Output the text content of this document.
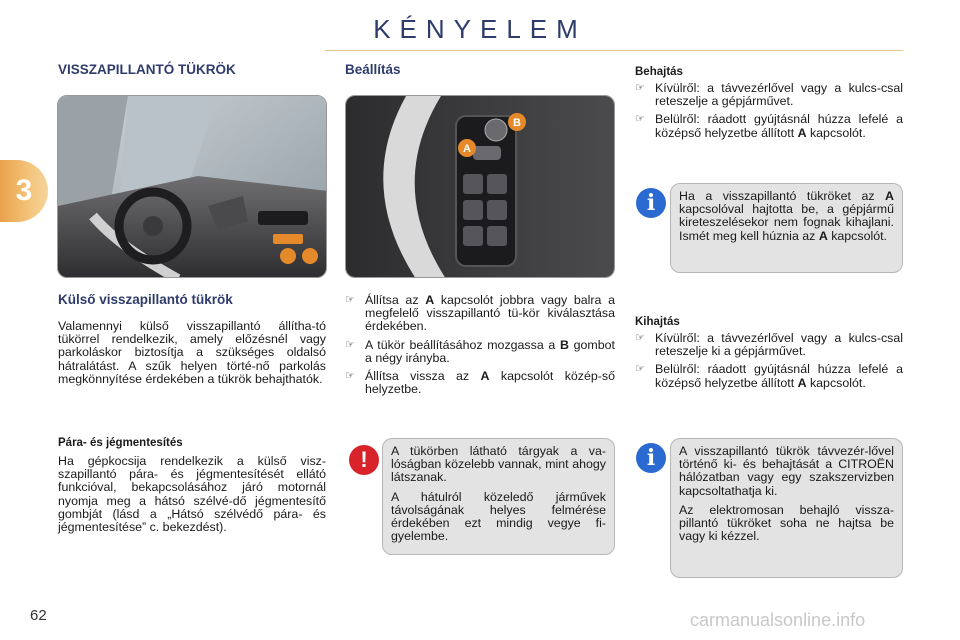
KÉNYELEM
3
VISSZAPILLANTÓ TÜKRÖK
Külső visszapillantó tükrök
Valamennyi külső visszapillantó állítha-tó tükörrel rendelkezik, amely előzésnél vagy parkoláskor biztosítja a szükséges oldalsó hátralátást. A szűk helyen törté-nő parkolás megkönnyítése érdekében a tükrök behajthatók.
Pára- és jégmentesítés
Ha gépkocsija rendelkezik a külső visz-szapillantó pára- és jégmentesítését ellátó funkcióval, bekapcsolásához járó motornál nyomja meg a hátsó szélvé-dő jégmentesítő gombját (lásd a „Hátsó szélvédő pára- és jégmentesítése” c. bekezdést).
Beállítás
B
A
☞ Állítsa az A kapcsolót jobbra vagy balra a megfelelő visszapillantó tü-kör kiválasztása érdekében.
☞ A tükör beállításához mozgassa a B gombot a négy irányba.
☞ Állítsa vissza az A kapcsolót közép-ső helyzetbe.
!	A tükörben látható tárgyak a va-lóságban közelebb vannak, mint ahogy látszanak.

A hátulról közeledő járművek távolságának helyes felmérése érdekében ezt mindig vegye fi-gyelembe.

Behajtás
☞ Kívülről: a távvezérlővel vagy a kulcs-csal reteszelje a gépjárművet.
☞ Belülről: ráadott gyújtásnál húzza lefelé a középső helyzetbe állított A kapcsolót.
i	Ha a visszapillantó tükröket az A kapcsolóval hajtotta be, a gépjármű kireteszelésekor nem fognak kihajlani. Ismét meg kell húznia az A kapcsolót.
Kihajtás
☞ Kívülről: a távvezérlővel vagy a kulcs-csal reteszelje ki a gépjárművet.
☞ Belülről: ráadott gyújtásnál húzza lefelé a középső helyzetbe állított A kapcsolót.
i	A visszapillantó tükrök távvezér-lővel történő ki- és behajtását a CITROËN hálózatban vagy egy szakszervizben kapcsoltathatja ki.

Az elektromosan behajló vissza-pillantó tükröket soha ne hajtsa be vagy ki kézzel.

62	carmanualsonline.info
